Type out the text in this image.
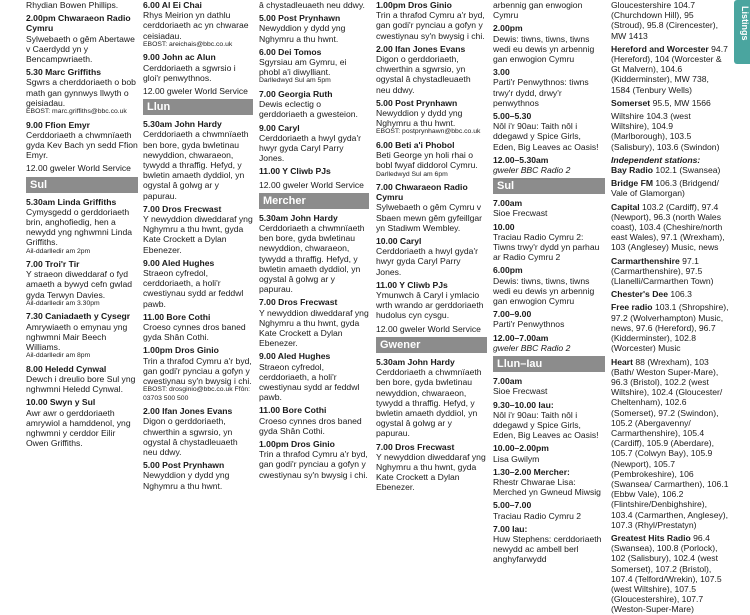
Rhydian Bowen Phillips.
2.00pm Chwaraeon Radio Cymru
Sylwebaeth o gêm Abertawe v Caerdydd yn y Bencampwriaeth.
5.30 Marc Griffiths
Sgwrs a cherddoriaeth o bob math gan gynnwys llwyth o geisiadau.
EBOST: marc.griffiths@bbc.co.uk
9.00 Ffion Emyr
Cerddoriaeth a chwmnïaeth gyda Kev Bach yn sedd Ffion Emyr.
12.00 gweler World Service
Sul
5.30am Linda Griffiths
Cymysgedd o gerddoriaeth brin, anghofiedig, hen a newydd yng nghwmni Linda Griffiths.
Ail-ddarlledir am 2pm
7.00 Troi'r Tir
Y straeon diweddaraf o fyd amaeth a bywyd cefn gwlad gyda Terwyn Davies.
Ail-ddarlledir am 3.30pm
7.30 Caniadaeth y Cysegr
Amrywiaeth o emynau yng nghwmni Mair Beech Williams.
Ail-ddarlledir am 8pm
8.00 Heledd Cynwal
Dewch i dreulio bore Sul yng nghwmni Heledd Cynwal.
10.00 Swyn y Sul
Awr awr o gerddoriaeth amrywiol a hamddenol, yng nghwmni y cerddor Eilir Owen Griffiths.
6.00 Al Ei Chai
Rhys Meirion yn dathlu cerddoriaeth ac yn chwarae ceisiadau.
EBOST: areichais@bbc.co.uk
9.00 John ac Alun
Cerddoriaeth a sgwrsio i gloi'r penwythnos.
12.00 gweler World Service
Llun
5.30am John Hardy
Cerddoriaeth a chwmnïaeth ben bore, gyda bwletinau newyddion, chwaraeon, tywydd a thraffig. Hefyd, y bwletin amaeth dyddiol, yn ogystal â golwg ar y papurau.
7.00 Dros Frecwast
Y newyddion diweddaraf yng Nghymru a thu hwnt, gyda Kate Crockett a Dylan Ebenezer.
9.00 Aled Hughes
Straeon cyfredol, cerddoriaeth, a holi'r cwestiynau sydd ar feddwl pawb.
11.00 Bore Cothi
Croeso cynnes dros baned gyda Shân Cothi.
1.00pm Dros Ginio
Trin a thrafod Cymru a'r byd, gan godi'r pynciau a gofyn y cwestiynau sy'n bwysig i chi.
EBOST: drosginio@bbc.co.uk Ffôn: 03703 500 500
2.00 Ifan Jones Evans
Digon o gerddoriaeth, chwerthin a sgwrsio, yn ogystal â chystadleuaeth neu ddwy.
5.00 Post Prynhawn
Newyddion y dydd yng Nghymru a thu hwnt.
â chystadleuaeth neu ddwy.
5.00 Post Prynhawn
Newyddion y dydd yng Nghymru a thu hwnt.
6.00 Dei Tomos
Sgyrsiau am Gymru, ei phobl a'i diwylliant.
Darlledwyd Sul am 5pm
7.00 Georgia Ruth
Dewis eclectig o gerddoriaeth a gwesteion.
9.00 Caryl
Cerddoriaeth a hwyl gyda'r hwyr gyda Caryl Parry Jones.
11.00 Y Cliwb PJs
12.00 gweler World Service
Mercher
5.30am John Hardy
Cerddoriaeth a chwmnïaeth ben bore, gyda bwletinau newyddion, chwaraeon, tywydd a thraffig. Hefyd, y bwletin amaeth dyddiol, yn ogystal â golwg ar y papurau.
7.00 Dros Frecwast
Y newyddion diweddaraf yng Nghymru a thu hwnt, gyda Kate Crockett a Dylan Ebenezer.
9.00 Aled Hughes
Straeon cyfredol, cerddoriaeth, a holi'r cwestiynau sydd ar feddwl pawb.
11.00 Bore Cothi
Croeso cynnes dros baned gyda Shân Cothi.
1.00pm Dros Ginio
Trin a thrafod Cymru a'r byd, gan godi'r pynciau a gofyn y cwestiynau sy'n bwysig i chi.
1.00pm Dros Ginio
Trin a thrafod Cymru a'r byd, gan godi'r pynciau a gofyn y cwestiynau sy'n bwysig i chi.
2.00 Ifan Jones Evans
Digon o gerddoriaeth, chwerthin a sgwrsio, yn ogystal â chystadleuaeth neu ddwy.
5.00 Post Prynhawn
Newyddion y dydd yng Nghymru a thu hwnt.
EBOST: postprynhawn@bbc.co.uk
6.00 Beti a'i Phobol
Beti George yn holi rhai o bobl fwyaf diddorol Cymru.
Darlledwyd Sul am 6pm
7.00 Chwaraeon Radio Cymru
Sylwebaeth o gêm Cymru v Sbaen mewn gêm gyfeillgar yn Stadiwm Wembley.
10.00 Caryl
Cerddoriaeth a hwyl gyda'r hwyr gyda Caryl Parry Jones.
11.00 Y Cliwb PJs
Ymunwch â Caryl i ymlacio wrth wrando ar gerddoriaeth hudolus cyn cysgu.
12.00 gweler World Service
Gwener
5.30am John Hardy
Cerddoriaeth a chwmnïaeth ben bore, gyda bwletinau newyddion, chwaraeon, tywydd a thraffig. Hefyd, y bwletin amaeth dyddiol, yn ogystal â golwg ar y papurau.
7.00 Dros Frecwast
Y newyddion diweddaraf yng Nghymru a thu hwnt, gyda Kate Crockett a Dylan Ebenezer.
arbennig gan enwogion Cymru
2.00pm
Dewis: tiwns, tiwns, tiwns wedi eu dewis yn arbennig gan enwogion Cymru
3.00
Parti'r Penwythnos: tiwns trwy'r dydd, drwy'r penwythnos
5.00–5.30
Nôl i'r 90au: Taith nôl i ddegawd y Spice Girls, Eden, Big Leaves ac Oasis!
12.00–5.30am
gweler BBC Radio 2
Sul
7.00am
Sioe Frecwast
10.00
Traciau Radio Cymru 2: Tiwns trwy'r dydd yn parhau ar Radio Cymru 2
6.00pm
Dewis: tiwns, tiwns, tiwns wedi eu dewis yn arbennig gan enwogion Cymru
7.00–9.00
Parti'r Penwythnos
12.00–7.00am
gweler BBC Radio 2
Llun–Iau
7.00am
Sioe Frecwast
9.30–10.00 Iau:
Nôl i'r 90au: Taith nôl i ddegawd y Spice Girls, Eden, Big Leaves ac Oasis!
10.00–2.00pm
Lisa Gwilym
1.30–2.00 Mercher:
Rhestr Chwarae Lisa: Merched yn Gwneud Miwsig
5.00–7.00
Traciau Radio Cymru 2
7.00 Iau:
Huw Stephens: cerddoriaeth newydd ac ambell berl anghyfarwydd
Gloucestershire 104.7 (Churchdown Hill), 95 (Stroud), 95.8 (Cirencester), MW 1413
Hereford and Worcester 94.7 (Hereford), 104 (Worcester & Gt Malvern), 104.6 (Kidderminster), MW 738, 1584 (Tenbury Wells)
Somerset 95.5, MW 1566
Wiltshire 104.3 (west Wiltshire), 104.9 (Marlborough), 103.5 (Salisbury), 103.6 (Swindon)
Independent stations:
Bay Radio 102.1 (Swansea)
Bridge FM 106.3 (Bridgend/ Vale of Glamorgan)
Capital 103.2 (Cardiff), 97.4 (Newport), 96.3 (north Wales coast), 103.4 (Cheshire/north east Wales), 97.1 (Wrexham), 103 (Anglesey) Music, news
Carmarthenshire 97.1 (Carmarthenshire), 97.5 (Llanelli/Carmarthen Town)
Chester's Dee 106.3
Free radio 103.1 (Shropshire), 97.2 (Wolverhampton) Music, news, 97.6 (Hereford), 96.7 (Kidderminster), 102.8 (Worcester) Music
Heart 88 (Wrexham), 103 (Bath/ Weston Super-Mare), 96.3 (Bristol), 102.2 (west Wiltshire), 102.4 (Gloucester/ Cheltenham), 102.6 (Somerset), 97.2 (Swindon), 105.2 (Abergavenny/ Carmarthenshire), 105.4 (Cardiff), 105.9 (Aberdare), 105.7 (Colwyn Bay), 105.9 (Newport), 105.7 (Pembrokeshire), 106 (Swansea/ Carmarthen), 106.1 (Ebbw Vale), 106.2 (Flintshire/Denbighshire), 103.4 (Carmarthen, Anglesey), 107.3 (Rhyl/Prestatyn)
Greatest Hits Radio 96.4 (Swansea), 100.8 (Porlock), 102 (Salisbury), 102.4 (west Somerset), 107.2 (Bristol), 107.4 (Telford/Wrekin), 107.5 (west Wiltshire), 107.5 (Gloucestershire), 107.7 (Weston-Super-Mare)
Listings
